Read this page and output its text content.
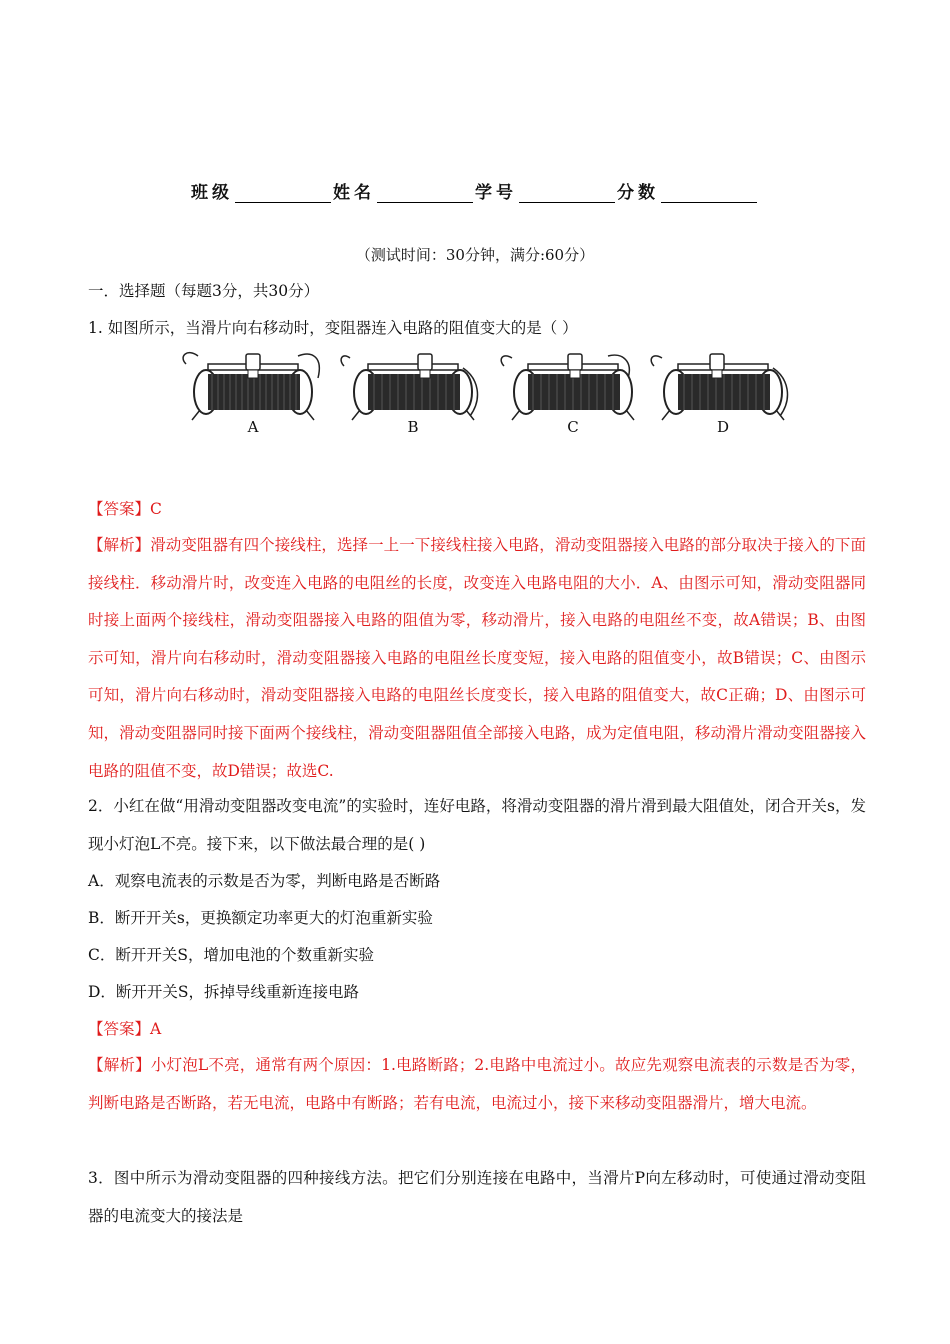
班级	姓名	学号	分数
（测试时间：30分钟，满分:60分）
一．选择题（每题3分，共30分）
1. 如图所示，当滑片向右移动时，变阻器连入电路的阻值变大的是（ ）
A	B	C	D
【答案】C
【解析】滑动变阻器有四个接线柱，选择一上一下接线柱接入电路，滑动变阻器接入电路的部分取决于接入的下面接线柱．移动滑片时，改变连入电路的电阻丝的长度，改变连入电路电阻的大小．A、由图示可知，滑动变阻器同时接上面两个接线柱，滑动变阻器接入电路的阻值为零，移动滑片，接入电路的电阻丝不变，故A错误；B、由图示可知，滑片向右移动时，滑动变阻器接入电路的电阻丝长度变短，接入电路的阻值变小，故B错误；C、由图示可知，滑片向右移动时，滑动变阻器接入电路的电阻丝长度变长，接入电路的阻值变大，故C正确；D、由图示可知，滑动变阻器同时接下面两个接线柱，滑动变阻器阻值全部接入电路，成为定值电阻，移动滑片滑动变阻器接入电路的阻值不变，故D错误；故选C.
2．小红在做“用滑动变阻器改变电流”的实验时，连好电路，将滑动变阻器的滑片滑到最大阻值处，闭合开关s，发现小灯泡L不亮。接下来，以下做法最合理的是( )
A．观察电流表的示数是否为零，判断电路是否断路
B．断开开关s，更换额定功率更大的灯泡重新实验
C．断开开关S，增加电池的个数重新实验
D．断开开关S，拆掉导线重新连接电路
【答案】A
【解析】小灯泡L不亮，通常有两个原因：1.电路断路；2.电路中电流过小。故应先观察电流表的示数是否为零，判断电路是否断路，若无电流，电路中有断路；若有电流，电流过小，接下来移动变阻器滑片，增大电流。
3．图中所示为滑动变阻器的四种接线方法。把它们分别连接在电路中，当滑片P向左移动时，可使通过滑动变阻器的电流变大的接法是
